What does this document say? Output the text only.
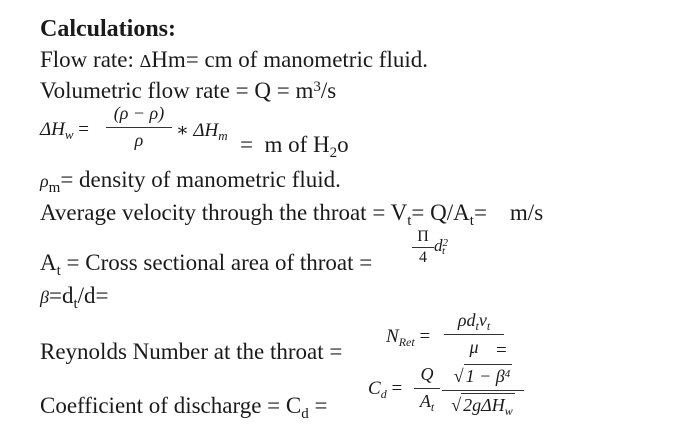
Calculations:
Flow rate: ΔHm= cm of manometric fluid.
Volumetric flow rate = $Q = m^3/s$
$\Delta H_w$ =
(ρ − ρ)
ρ	∗ $\Delta H_m = m$ of $H_2o$
$\rho_m=$ density of manometric fluid.
Average velocity through the throat = $V_t= Q/A_t=$    m/s
$A_t$ = Cross sectional area of throat =
Π
4
$d^2_t$
$\beta=d_t/d=$
Reynolds Number at the throat =
$N_{Ret}$ =
$\rho d_tv_t$
μ =
Coefficient of discharge = $C_d$ =
$C_d$ =
Q
$A_t$
√ $1 - \beta^4$
√ 2gΔH$_w$
